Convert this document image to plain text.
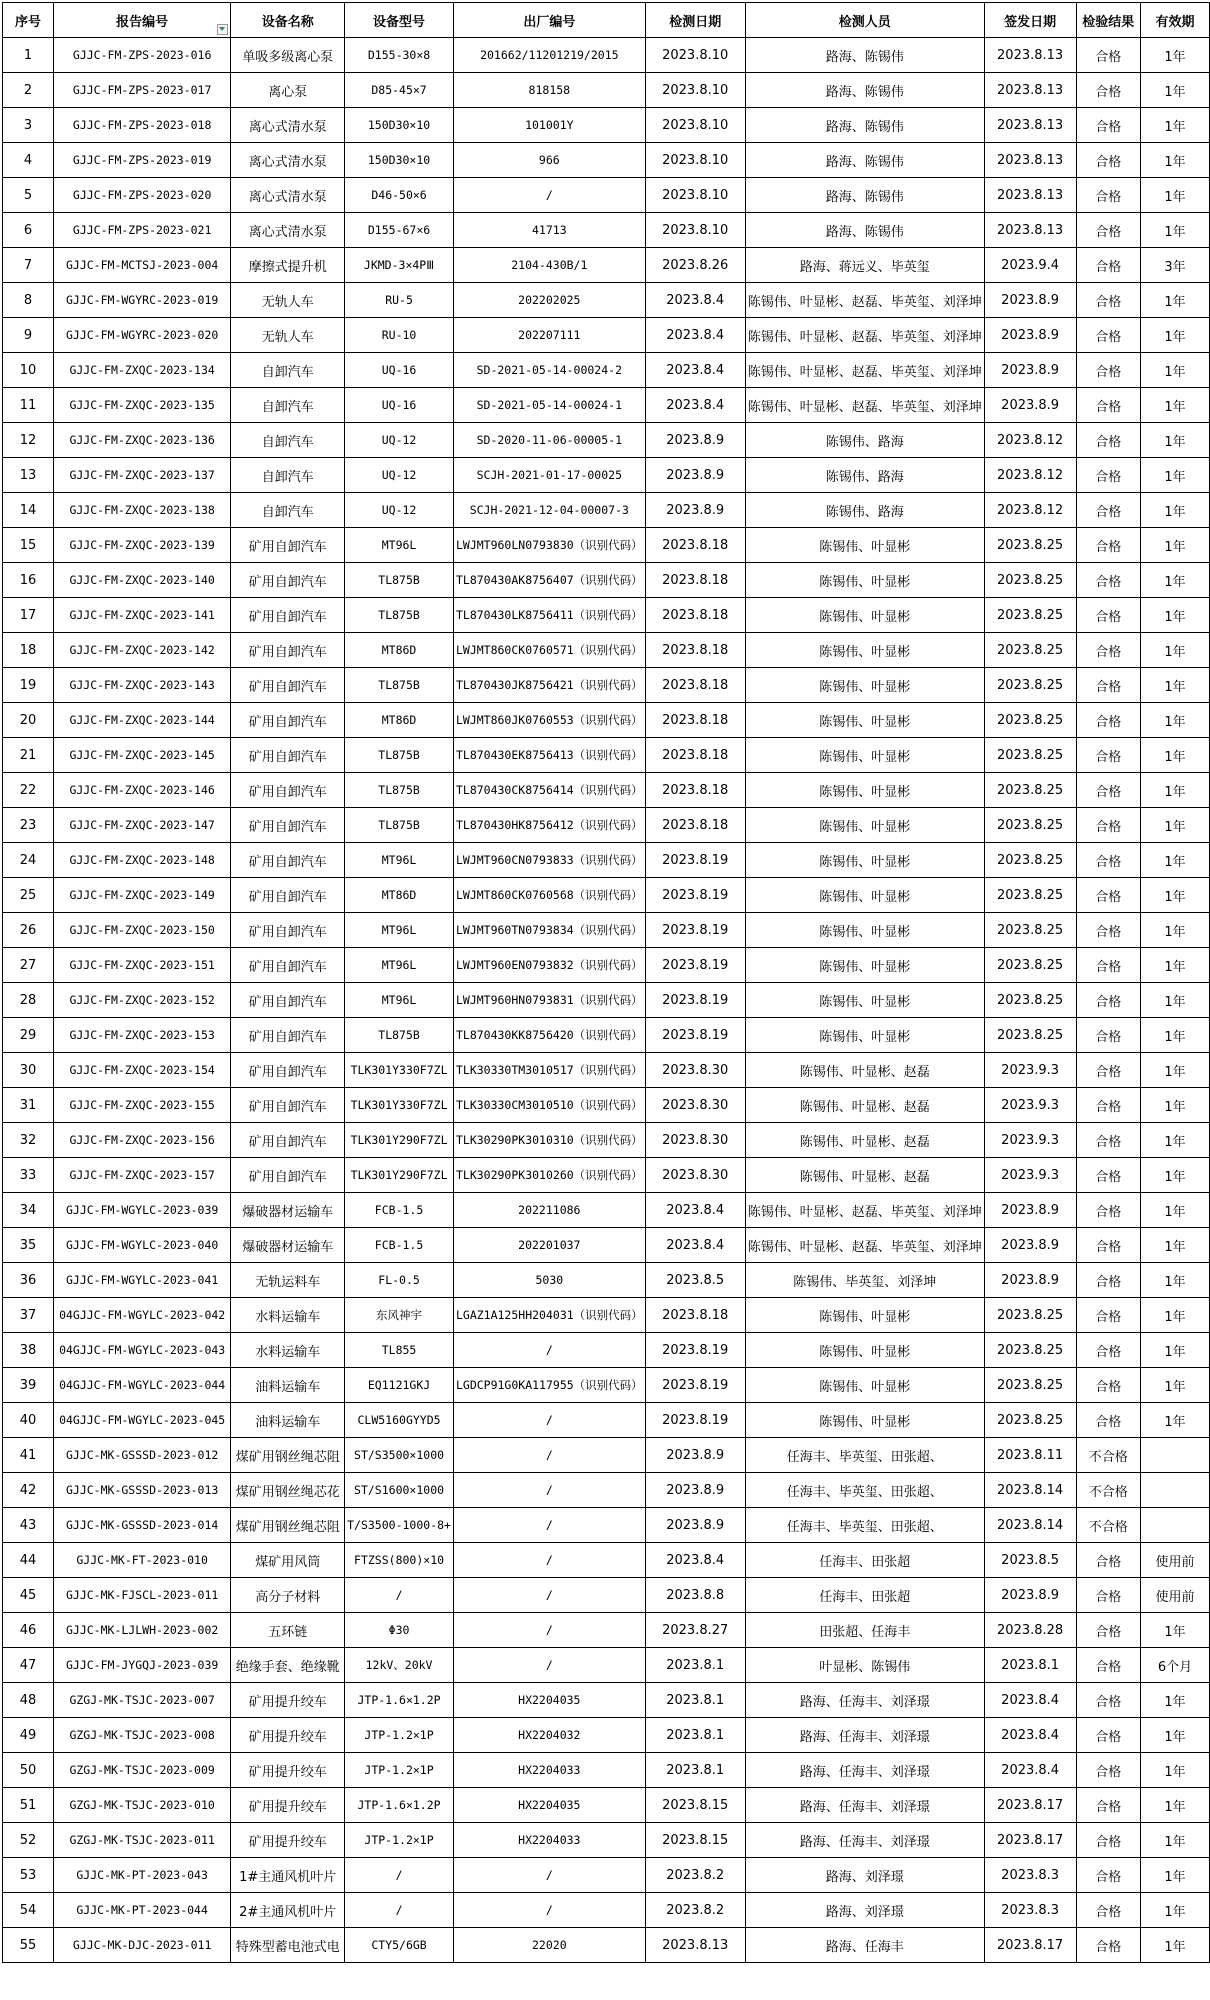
序号	报告编号	设备名称	设备型号	出厂编号	检测日期	检测人员	签发日期	检验结果	有效期
1	GJJC-FM-ZPS-2023-016	单吸多级离心泵	D155-30×8	201662/11201219/2015	2023.8.10	路海、陈锡伟	2023.8.13	合格	1年
2	GJJC-FM-ZPS-2023-017	离心泵	D85-45×7	818158	2023.8.10	路海、陈锡伟	2023.8.13	合格	1年
3	GJJC-FM-ZPS-2023-018	离心式清水泵	150D30×10	101001Y	2023.8.10	路海、陈锡伟	2023.8.13	合格	1年
4	GJJC-FM-ZPS-2023-019	离心式清水泵	150D30×10	966	2023.8.10	路海、陈锡伟	2023.8.13	合格	1年
5	GJJC-FM-ZPS-2023-020	离心式清水泵	D46-50×6	/	2023.8.10	路海、陈锡伟	2023.8.13	合格	1年
6	GJJC-FM-ZPS-2023-021	离心式清水泵	D155-67×6	41713	2023.8.10	路海、陈锡伟	2023.8.13	合格	1年
7	GJJC-FM-MCTSJ-2023-004	摩擦式提升机	JKMD-3×4PⅢ	2104-430B/1	2023.8.26	路海、蒋远义、毕英玺	2023.9.4	合格	3年
8	GJJC-FM-WGYRC-2023-019	无轨人车	RU-5	202202025	2023.8.4	陈锡伟、叶显彬、赵磊、毕英玺、刘泽坤	2023.8.9	合格	1年
9	GJJC-FM-WGYRC-2023-020	无轨人车	RU-10	202207111	2023.8.4	陈锡伟、叶显彬、赵磊、毕英玺、刘泽坤	2023.8.9	合格	1年
10	GJJC-FM-ZXQC-2023-134	自卸汽车	UQ-16	SD-2021-05-14-00024-2	2023.8.4	陈锡伟、叶显彬、赵磊、毕英玺、刘泽坤	2023.8.9	合格	1年
11	GJJC-FM-ZXQC-2023-135	自卸汽车	UQ-16	SD-2021-05-14-00024-1	2023.8.4	陈锡伟、叶显彬、赵磊、毕英玺、刘泽坤	2023.8.9	合格	1年
12	GJJC-FM-ZXQC-2023-136	自卸汽车	UQ-12	SD-2020-11-06-00005-1	2023.8.9	陈锡伟、路海	2023.8.12	合格	1年
13	GJJC-FM-ZXQC-2023-137	自卸汽车	UQ-12	SCJH-2021-01-17-00025	2023.8.9	陈锡伟、路海	2023.8.12	合格	1年
14	GJJC-FM-ZXQC-2023-138	自卸汽车	UQ-12	SCJH-2021-12-04-00007-3	2023.8.9	陈锡伟、路海	2023.8.12	合格	1年
15	GJJC-FM-ZXQC-2023-139	矿用自卸汽车	MT96L	LWJMT960LN0793830（识别代码）	2023.8.18	陈锡伟、叶显彬	2023.8.25	合格	1年
16	GJJC-FM-ZXQC-2023-140	矿用自卸汽车	TL875B	TL870430AK8756407（识别代码）	2023.8.18	陈锡伟、叶显彬	2023.8.25	合格	1年
17	GJJC-FM-ZXQC-2023-141	矿用自卸汽车	TL875B	TL870430LK8756411（识别代码）	2023.8.18	陈锡伟、叶显彬	2023.8.25	合格	1年
18	GJJC-FM-ZXQC-2023-142	矿用自卸汽车	MT86D	LWJMT860CK0760571（识别代码）	2023.8.18	陈锡伟、叶显彬	2023.8.25	合格	1年
19	GJJC-FM-ZXQC-2023-143	矿用自卸汽车	TL875B	TL870430JK8756421（识别代码）	2023.8.18	陈锡伟、叶显彬	2023.8.25	合格	1年
20	GJJC-FM-ZXQC-2023-144	矿用自卸汽车	MT86D	LWJMT860JK0760553（识别代码）	2023.8.18	陈锡伟、叶显彬	2023.8.25	合格	1年
21	GJJC-FM-ZXQC-2023-145	矿用自卸汽车	TL875B	TL870430EK8756413（识别代码）	2023.8.18	陈锡伟、叶显彬	2023.8.25	合格	1年
22	GJJC-FM-ZXQC-2023-146	矿用自卸汽车	TL875B	TL870430CK8756414（识别代码）	2023.8.18	陈锡伟、叶显彬	2023.8.25	合格	1年
23	GJJC-FM-ZXQC-2023-147	矿用自卸汽车	TL875B	TL870430HK8756412（识别代码）	2023.8.18	陈锡伟、叶显彬	2023.8.25	合格	1年
24	GJJC-FM-ZXQC-2023-148	矿用自卸汽车	MT96L	LWJMT960CN0793833（识别代码）	2023.8.19	陈锡伟、叶显彬	2023.8.25	合格	1年
25	GJJC-FM-ZXQC-2023-149	矿用自卸汽车	MT86D	LWJMT860CK0760568（识别代码）	2023.8.19	陈锡伟、叶显彬	2023.8.25	合格	1年
26	GJJC-FM-ZXQC-2023-150	矿用自卸汽车	MT96L	LWJMT960TN0793834（识别代码）	2023.8.19	陈锡伟、叶显彬	2023.8.25	合格	1年
27	GJJC-FM-ZXQC-2023-151	矿用自卸汽车	MT96L	LWJMT960EN0793832（识别代码）	2023.8.19	陈锡伟、叶显彬	2023.8.25	合格	1年
28	GJJC-FM-ZXQC-2023-152	矿用自卸汽车	MT96L	LWJMT960HN0793831（识别代码）	2023.8.19	陈锡伟、叶显彬	2023.8.25	合格	1年
29	GJJC-FM-ZXQC-2023-153	矿用自卸汽车	TL875B	TL870430KK8756420（识别代码）	2023.8.19	陈锡伟、叶显彬	2023.8.25	合格	1年
30	GJJC-FM-ZXQC-2023-154	矿用自卸汽车	TLK301Y330F7ZL	TLK30330TM3010517（识别代码）	2023.8.30	陈锡伟、叶显彬、赵磊	2023.9.3	合格	1年
31	GJJC-FM-ZXQC-2023-155	矿用自卸汽车	TLK301Y330F7ZL	TLK30330CM3010510（识别代码）	2023.8.30	陈锡伟、叶显彬、赵磊	2023.9.3	合格	1年
32	GJJC-FM-ZXQC-2023-156	矿用自卸汽车	TLK301Y290F7ZL	TLK30290PK3010310（识别代码）	2023.8.30	陈锡伟、叶显彬、赵磊	2023.9.3	合格	1年
33	GJJC-FM-ZXQC-2023-157	矿用自卸汽车	TLK301Y290F7ZL	TLK30290PK3010260（识别代码）	2023.8.30	陈锡伟、叶显彬、赵磊	2023.9.3	合格	1年
34	GJJC-FM-WGYLC-2023-039	爆破器材运输车	FCB-1.5	202211086	2023.8.4	陈锡伟、叶显彬、赵磊、毕英玺、刘泽坤	2023.8.9	合格	1年
35	GJJC-FM-WGYLC-2023-040	爆破器材运输车	FCB-1.5	202201037	2023.8.4	陈锡伟、叶显彬、赵磊、毕英玺、刘泽坤	2023.8.9	合格	1年
36	GJJC-FM-WGYLC-2023-041	无轨运料车	FL-0.5	5030	2023.8.5	陈锡伟、毕英玺、刘泽坤	2023.8.9	合格	1年
37	04GJJC-FM-WGYLC-2023-042	水料运输车	东风神宇	LGAZ1A125HH204031（识别代码）	2023.8.18	陈锡伟、叶显彬	2023.8.25	合格	1年
38	04GJJC-FM-WGYLC-2023-043	水料运输车	TL855	/	2023.8.19	陈锡伟、叶显彬	2023.8.25	合格	1年
39	04GJJC-FM-WGYLC-2023-044	油料运输车	EQ1121GKJ	LGDCP91G0KA117955（识别代码）	2023.8.19	陈锡伟、叶显彬	2023.8.25	合格	1年
40	04GJJC-FM-WGYLC-2023-045	油料运输车	CLW5160GYYD5	/	2023.8.19	陈锡伟、叶显彬	2023.8.25	合格	1年
41	GJJC-MK-GSSSD-2023-012	煤矿用钢丝绳芯阻	ST/S3500×1000	/	2023.8.9	任海丰、毕英玺、田张超、	2023.8.11	不合格	
42	GJJC-MK-GSSSD-2023-013	煤矿用钢丝绳芯花	ST/S1600×1000	/	2023.8.9	任海丰、毕英玺、田张超、	2023.8.14	不合格	
43	GJJC-MK-GSSSD-2023-014	煤矿用钢丝绳芯阻	T/S3500-1000-8+	/	2023.8.9	任海丰、毕英玺、田张超、	2023.8.14	不合格	
44	GJJC-MK-FT-2023-010	煤矿用风筒	FTZSS(800)×10	/	2023.8.4	任海丰、田张超	2023.8.5	合格	使用前
45	GJJC-MK-FJSCL-2023-011	高分子材料	/	/	2023.8.8	任海丰、田张超	2023.8.9	合格	使用前
46	GJJC-MK-LJLWH-2023-002	五环链	Φ30	/	2023.8.27	田张超、任海丰	2023.8.28	合格	1年
47	GJJC-FM-JYGQJ-2023-039	绝缘手套、绝缘靴	12kV、20kV	/	2023.8.1	叶显彬、陈锡伟	2023.8.1	合格	6个月
48	GZGJ-MK-TSJC-2023-007	矿用提升绞车	JTP-1.6×1.2P	HX2204035	2023.8.1	路海、任海丰、刘泽璟	2023.8.4	合格	1年
49	GZGJ-MK-TSJC-2023-008	矿用提升绞车	JTP-1.2×1P	HX2204032	2023.8.1	路海、任海丰、刘泽璟	2023.8.4	合格	1年
50	GZGJ-MK-TSJC-2023-009	矿用提升绞车	JTP-1.2×1P	HX2204033	2023.8.1	路海、任海丰、刘泽璟	2023.8.4	合格	1年
51	GZGJ-MK-TSJC-2023-010	矿用提升绞车	JTP-1.6×1.2P	HX2204035	2023.8.15	路海、任海丰、刘泽璟	2023.8.17	合格	1年
52	GZGJ-MK-TSJC-2023-011	矿用提升绞车	JTP-1.2×1P	HX2204033	2023.8.15	路海、任海丰、刘泽璟	2023.8.17	合格	1年
53	GJJC-MK-PT-2023-043	1#主通风机叶片	/	/	2023.8.2	路海、刘泽璟	2023.8.3	合格	1年
54	GJJC-MK-PT-2023-044	2#主通风机叶片	/	/	2023.8.2	路海、刘泽璟	2023.8.3	合格	1年
55	GJJC-MK-DJC-2023-011	特殊型蓄电池式电	CTY5/6GB	22020	2023.8.13	路海、任海丰	2023.8.17	合格	1年
